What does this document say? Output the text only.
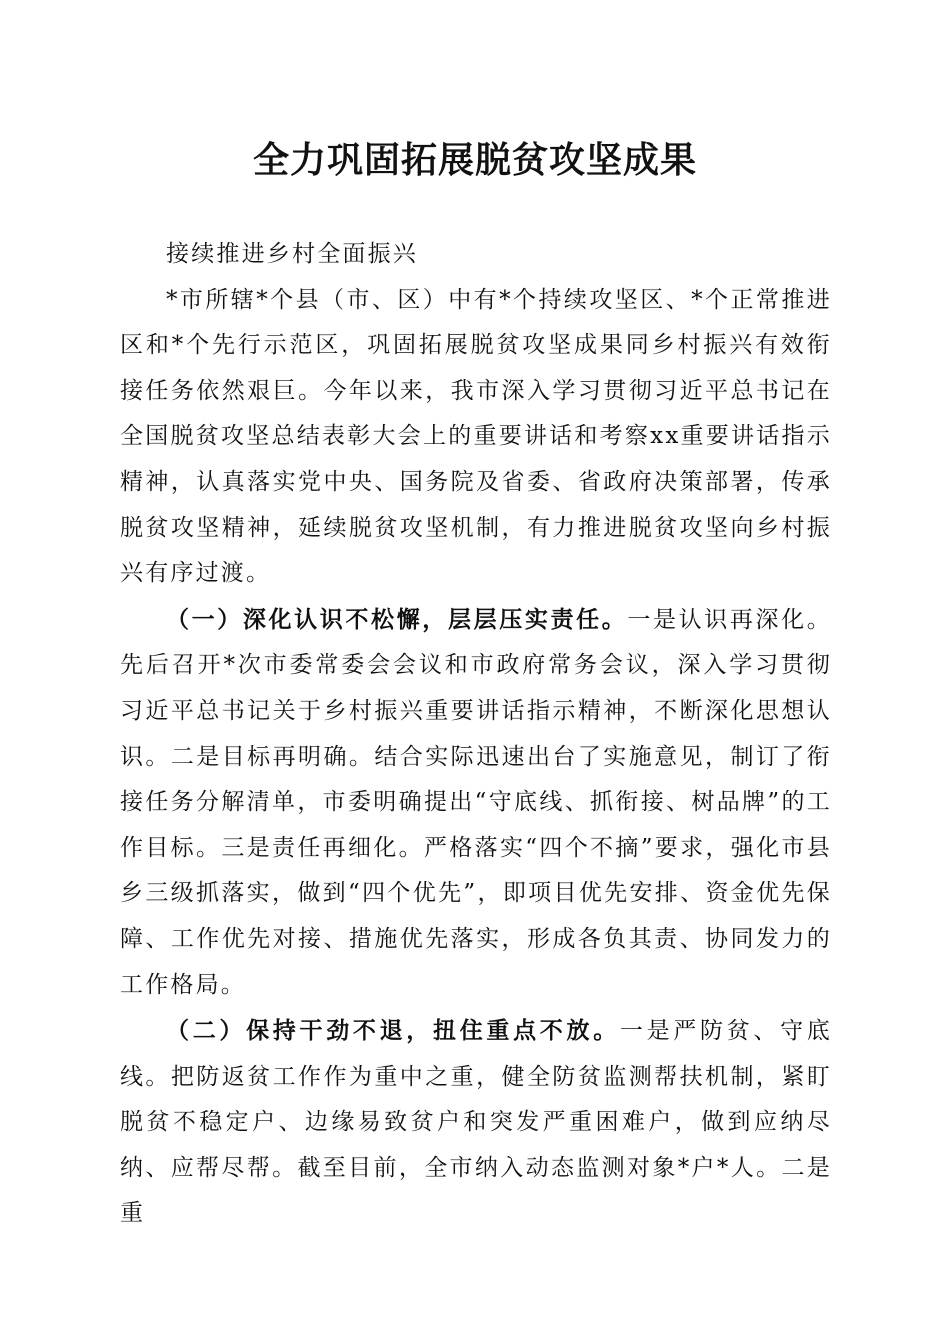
全力巩固拓展脱贫攻坚成果

接续推进乡村全面振兴

*市所辖*个县（市、区）中有*个持续攻坚区、*个正常推进区和*个先行示范区，巩固拓展脱贫攻坚成果同乡村振兴有效衔接任务依然艰巨。今年以来，我市深入学习贯彻习近平总书记在全国脱贫攻坚总结表彰大会上的重要讲话和考察xx重要讲话指示精神，认真落实党中央、国务院及省委、省政府决策部署，传承脱贫攻坚精神，延续脱贫攻坚机制，有力推进脱贫攻坚向乡村振兴有序过渡。

（一）深化认识不松懈，层层压实责任。一是认识再深化。先后召开*次市委常委会会议和市政府常务会议，深入学习贯彻习近平总书记关于乡村振兴重要讲话指示精神，不断深化思想认识。二是目标再明确。结合实际迅速出台了实施意见，制订了衔接任务分解清单，市委明确提出“守底线、抓衔接、树品牌”的工作目标。三是责任再细化。严格落实“四个不摘”要求，强化市县乡三级抓落实，做到“四个优先”，即项目优先安排、资金优先保障、工作优先对接、措施优先落实，形成各负其责、协同发力的工作格局。

（二）保持干劲不退，扭住重点不放。一是严防贫、守底线。把防返贫工作作为重中之重，健全防贫监测帮扶机制，紧盯脱贫不稳定户、边缘易致贫户和突发严重困难户，做到应纳尽纳、应帮尽帮。截至目前，全市纳入动态监测对象*户*人。二是重
